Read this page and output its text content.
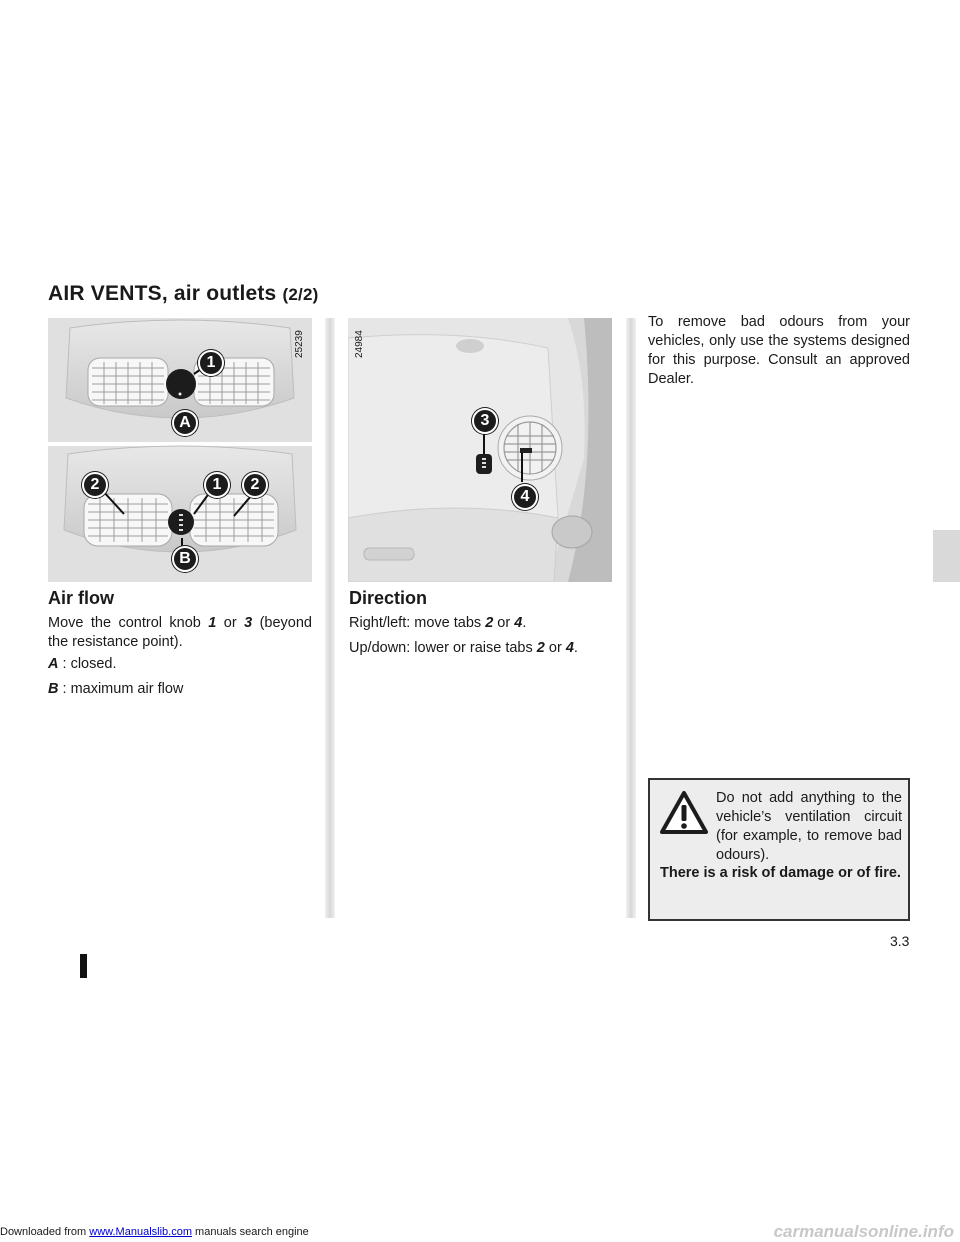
AIR VENTS, air outlets (2/2)
25239
1
A
2	1	2
B
24984
3
4
Air flow
Move the control knob 1 or 3 (beyond the resistance point).
A : closed.
B : maximum air flow
Direction
Right/left: move tabs 2 or 4.
Up/down: lower or raise tabs 2 or 4.
To remove bad odours from your vehicles, only use the systems designed for this purpose. Consult an approved Dealer.
Do not add anything to the vehicle’s ventilation circuit (for example, to remove bad odours).
There is a risk of damage or of fire.
3.3
Downloaded from www.Manualslib.com manuals search engine	carmanualsonline.info
